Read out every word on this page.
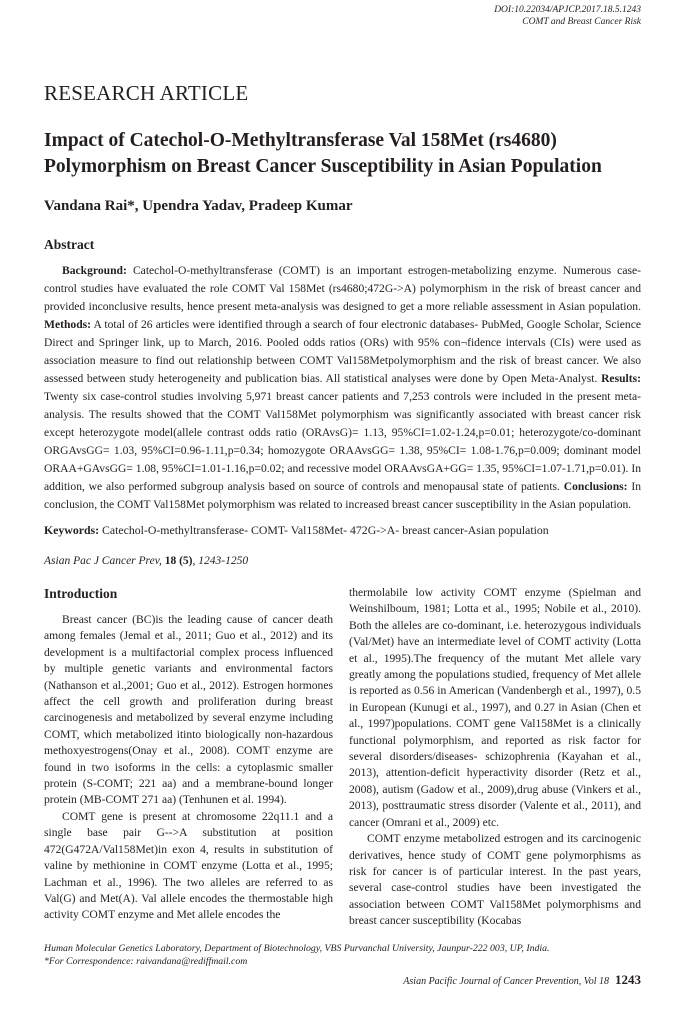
DOI:10.22034/APJCP.2017.18.5.1243
COMT and Breast Cancer Risk
RESEARCH ARTICLE
Impact of Catechol-O-Methyltransferase Val 158Met (rs4680) Polymorphism on Breast Cancer Susceptibility in Asian Population
Vandana Rai*, Upendra Yadav, Pradeep Kumar
Abstract
Background: Catechol-O-methyltransferase (COMT) is an important estrogen-metabolizing enzyme. Numerous case-control studies have evaluated the role COMT Val 158Met (rs4680;472G->A) polymorphism in the risk of breast cancer and provided inconclusive results, hence present meta-analysis was designed to get a more reliable assessment in Asian population. Methods: A total of 26 articles were identified through a search of four electronic databases- PubMed, Google Scholar, Science Direct and Springer link, up to March, 2016. Pooled odds ratios (ORs) with 95% con¬fidence intervals (CIs) were used as association measure to find out relationship between COMT Val158Metpolymorphism and the risk of breast cancer. We also assessed between study heterogeneity and publication bias. All statistical analyses were done by Open Meta-Analyst. Results: Twenty six case-control studies involving 5,971 breast cancer patients and 7,253 controls were included in the present meta-analysis. The results showed that the COMT Val158Met polymorphism was significantly associated with breast cancer risk except heterozygote model(allele contrast odds ratio (ORAvsG)= 1.13, 95%CI=1.02-1.24,p=0.01; heterozygote/co-dominant ORGAvsGG= 1.03, 95%CI=0.96-1.11,p=0.34; homozygote ORAAvsGG= 1.38, 95%CI= 1.08-1.76,p=0.009; dominant model ORAA+GAvsGG= 1.08, 95%CI=1.01-1.16,p=0.02; and recessive model ORAAvsGA+GG= 1.35, 95%CI=1.07-1.71,p=0.01). In addition, we also performed subgroup analysis based on source of controls and menopausal state of patients. Conclusions: In conclusion, the COMT Val158Met polymorphism was related to increased breast cancer susceptibility in the Asian population.
Keywords: Catechol-O-methyltransferase- COMT- Val158Met- 472G->A- breast cancer-Asian population
Asian Pac J Cancer Prev, 18 (5), 1243-1250
Introduction

Breast cancer (BC)is the leading cause of cancer death among females (Jemal et al., 2011; Guo et al., 2012) and its development is a multifactorial complex process influenced by multiple genetic variants and environmental factors (Nathanson et al.,2001; Guo et al., 2012). Estrogen hormones affect the cell growth and proliferation during breast carcinogenesis and metabolized by several enzyme including COMT, which metabolized itinto biologically non-hazardous methoxyestrogens(Onay et al., 2008). COMT enzyme are found in two isoforms in the cells: a cytoplasmic smaller protein (S-COMT; 221 aa) and a membrane-bound longer protein (MB-COMT 271 aa) (Tenhunen et al. 1994).

COMT gene is present at chromosome 22q11.1 and a single base pair G-->A substitution at position 472(G472A/Val158Met)in exon 4, results in substitution of valine by methionine in COMT enzyme (Lotta et al., 1995; Lachman et al., 1996). The two alleles are referred to as Val(G) and Met(A). Val allele encodes the thermostable high activity COMT enzyme and Met allele encodes the

thermolabile low activity COMT enzyme (Spielman and Weinshilboum, 1981; Lotta et al., 1995; Nobile et al., 2010). Both the alleles are co-dominant, i.e. heterozygous individuals (Val/Met) have an intermediate level of COMT activity (Lotta et al., 1995).The frequency of the mutant Met allele vary greatly among the populations studied, frequency of Met allele is reported as 0.56 in American (Vandenbergh et al., 1997), 0.5 in European (Kunugi et al., 1997), and 0.27 in Asian (Chen et al., 1997)populations. COMT gene Val158Met is a clinically functional polymorphism, and reported as risk factor for several disorders/diseases- schizophrenia (Kayahan et al., 2013), attention-deficit hyperactivity disorder (Retz et al., 2008), autism (Gadow et al., 2009),drug abuse (Vinkers et al., 2013), posttraumatic stress disorder (Valente et al., 2011), and cancer (Omrani et al., 2009) etc.

COMT enzyme metabolized estrogen and its carcinogenic derivatives, hence study of COMT gene polymorphisms as risk for cancer is of particular interest. In the past years, several case-control studies have been investigated the association between COMT Val158Met polymorphisms and breast cancer susceptibility (Kocabas

Human Molecular Genetics Laboratory, Department of Biotechnology, VBS Purvanchal University, Jaunpur-222 003, UP, India.
*For Correspondence: raivandana@rediffmail.com
Asian Pacific Journal of Cancer Prevention, Vol 18 1243
